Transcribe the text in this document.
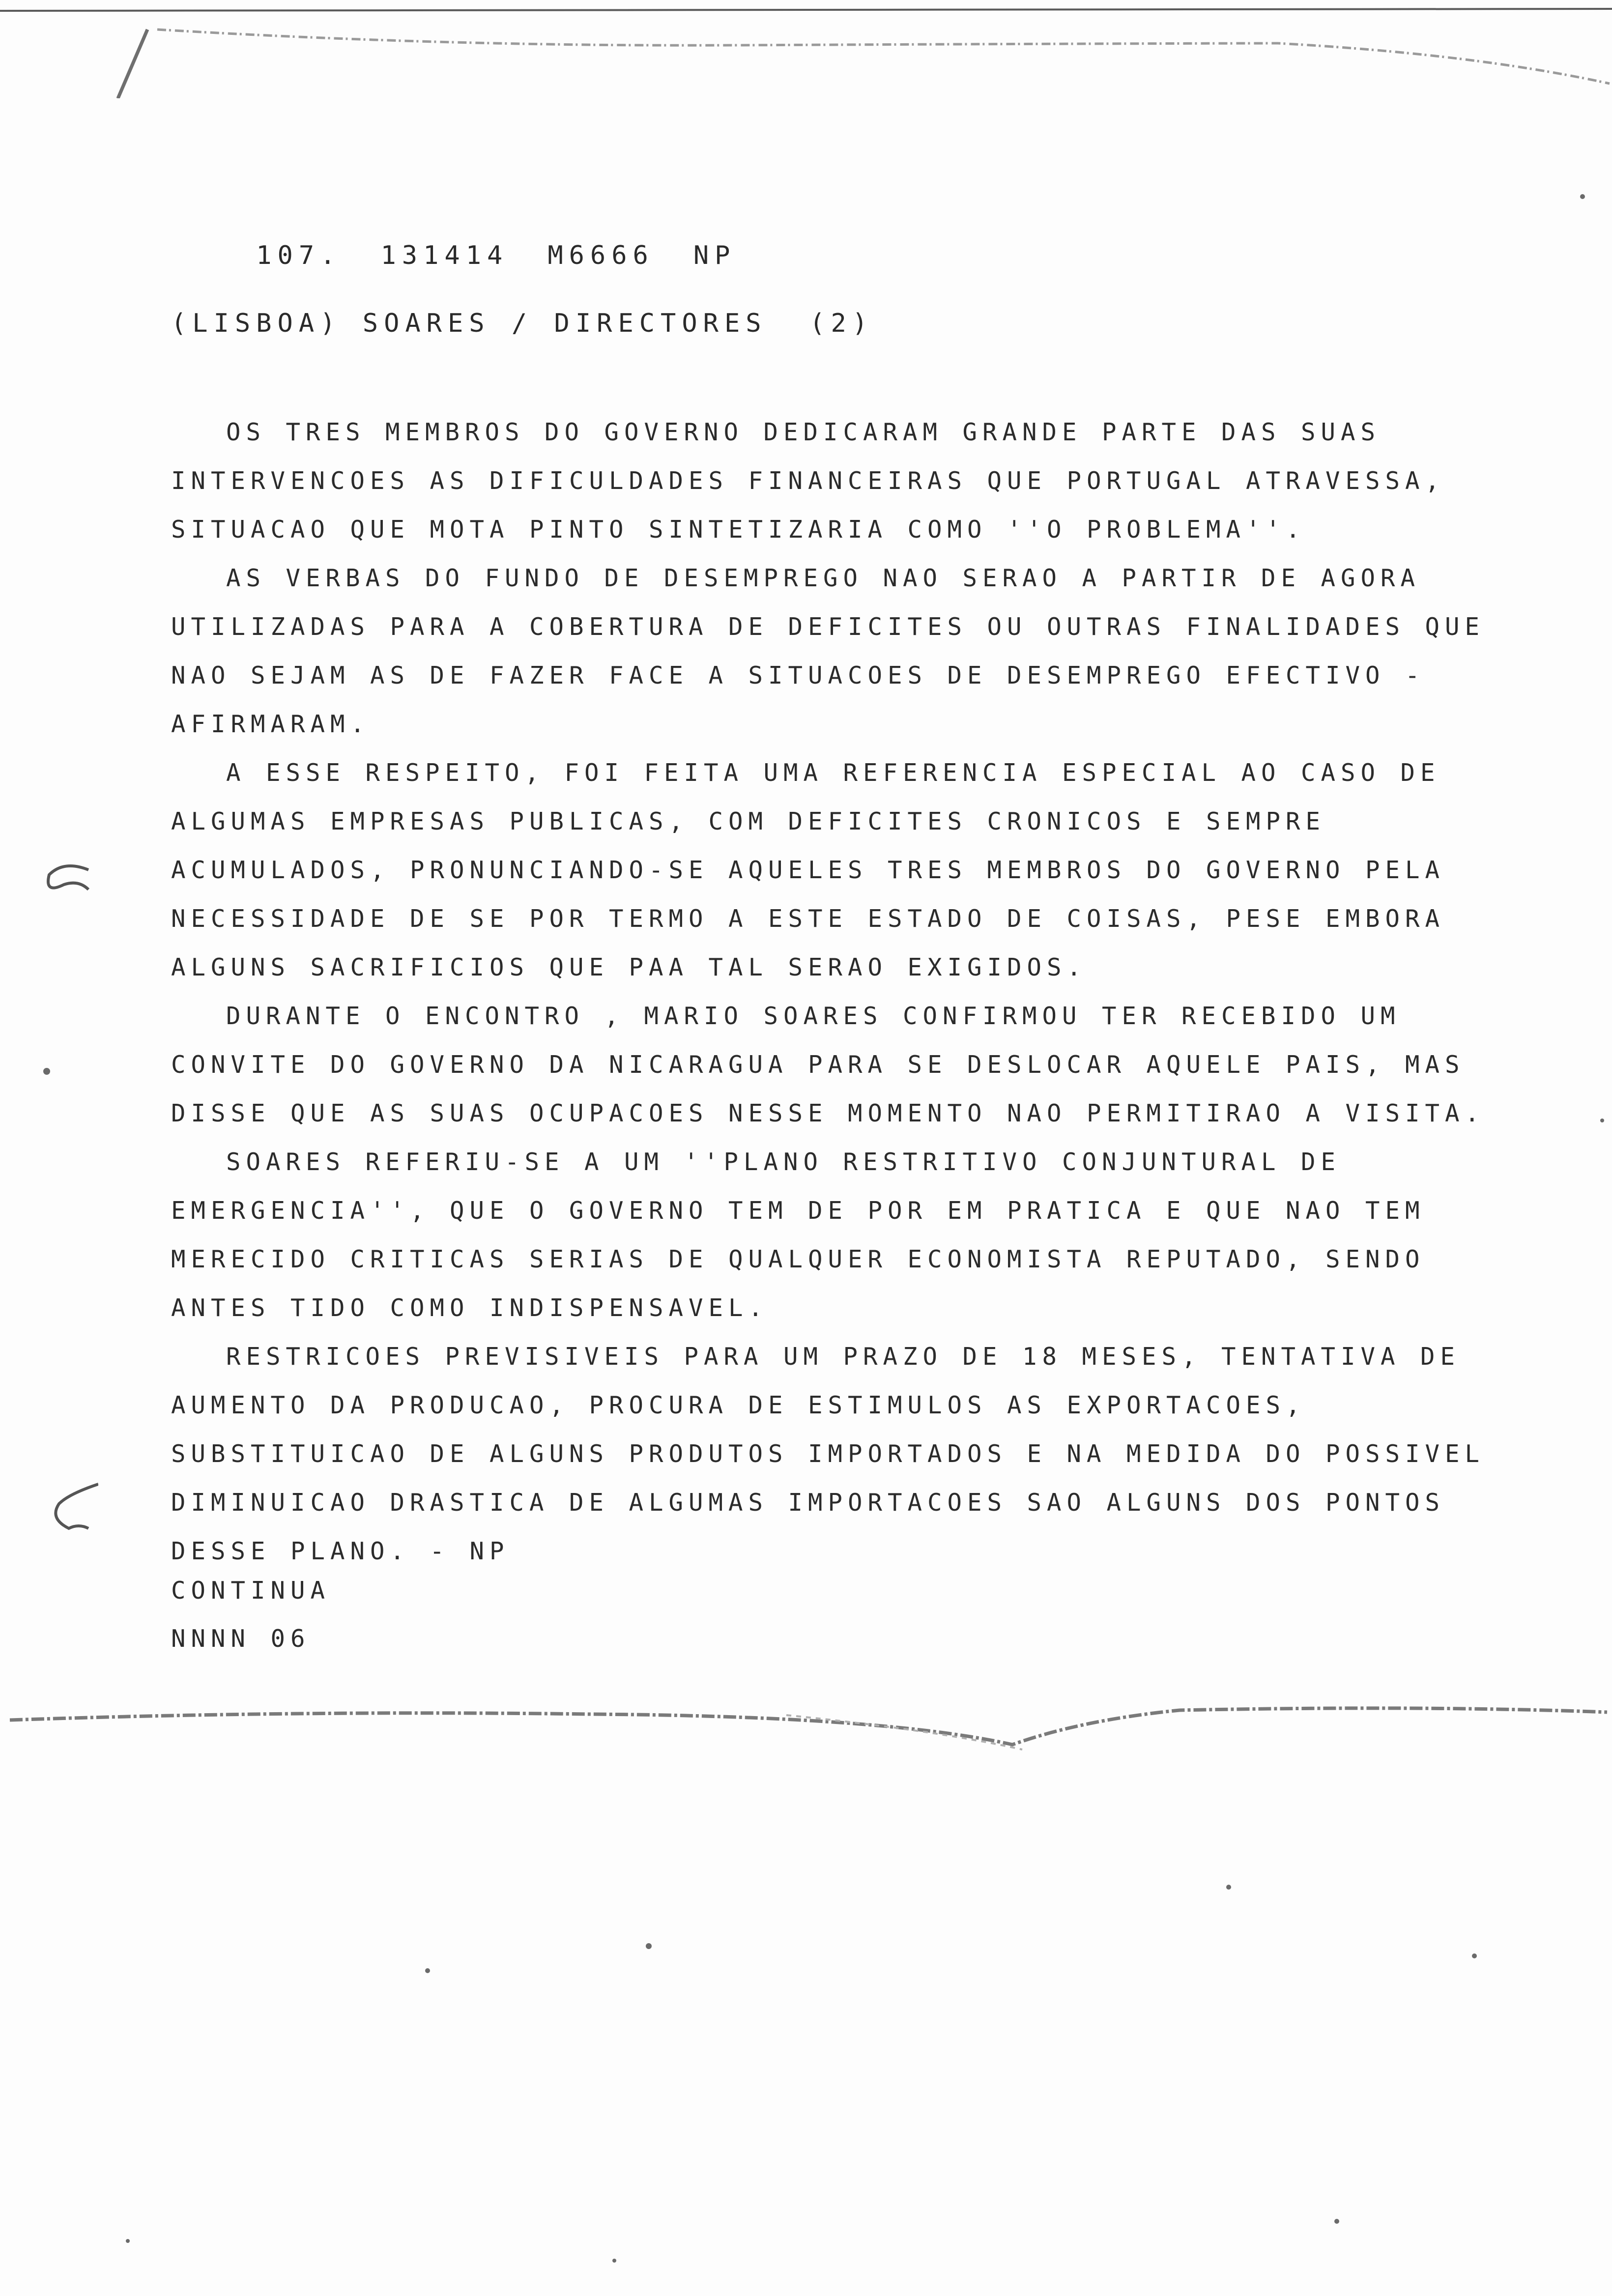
107. 131414 M6666 NP

(LISBOA) SOARES / DIRECTORES  (2)

OS TRES MEMBROS DO GOVERNO DEDICARAM GRANDE PARTE DAS SUAS INTERVENCOES AS DIFICULDADES FINANCEIRAS QUE PORTUGAL ATRAVESSA, SITUACAO QUE MOTA PINTO SINTETIZARIA COMO ''O PROBLEMA''.

AS VERBAS DO FUNDO DE DESEMPREGO NAO SERAO A PARTIR DE AGORA UTILIZADAS PARA A COBERTURA DE DEFICITES OU OUTRAS FINALIDADES QUE NAO SEJAM AS DE FAZER FACE A SITUACOES DE DESEMPREGO EFECTIVO - AFIRMARAM.

A ESSE RESPEITO, FOI FEITA UMA REFERENCIA ESPECIAL AO CASO DE ALGUMAS EMPRESAS PUBLICAS, COM DEFICITES CRONICOS E SEMPRE ACUMULADOS, PRONUNCIANDO-SE AQUELES TRES MEMBROS DO GOVERNO PELA NECESSIDADE DE SE POR TERMO A ESTE ESTADO DE COISAS, PESE EMBORA ALGUNS SACRIFICIOS QUE PAA TAL SERAO EXIGIDOS.

DURANTE O ENCONTRO , MARIO SOARES CONFIRMOU TER RECEBIDO UM CONVITE DO GOVERNO DA NICARAGUA PARA SE DESLOCAR AQUELE PAIS, MAS DISSE QUE AS SUAS OCUPACOES NESSE MOMENTO NAO PERMITIRAO A VISITA.

SOARES REFERIU-SE A UM ''PLANO RESTRITIVO CONJUNTURAL DE EMERGENCIA'', QUE O GOVERNO TEM DE POR EM PRATICA E QUE NAO TEM MERECIDO CRITICAS SERIAS DE QUALQUER ECONOMISTA REPUTADO, SENDO ANTES TIDO COMO INDISPENSAVEL.

RESTRICOES PREVISIVEIS PARA UM PRAZO DE 18 MESES, TENTATIVA DE AUMENTO DA PRODUCAO, PROCURA DE ESTIMULOS AS EXPORTACOES, SUBSTITUICAO DE ALGUNS PRODUTOS IMPORTADOS E NA MEDIDA DO POSSIVEL DIMINUICAO DRASTICA DE ALGUMAS IMPORTACOES SAO ALGUNS DOS PONTOS DESSE PLANO. - NP

CONTINUA
NNNN 06
